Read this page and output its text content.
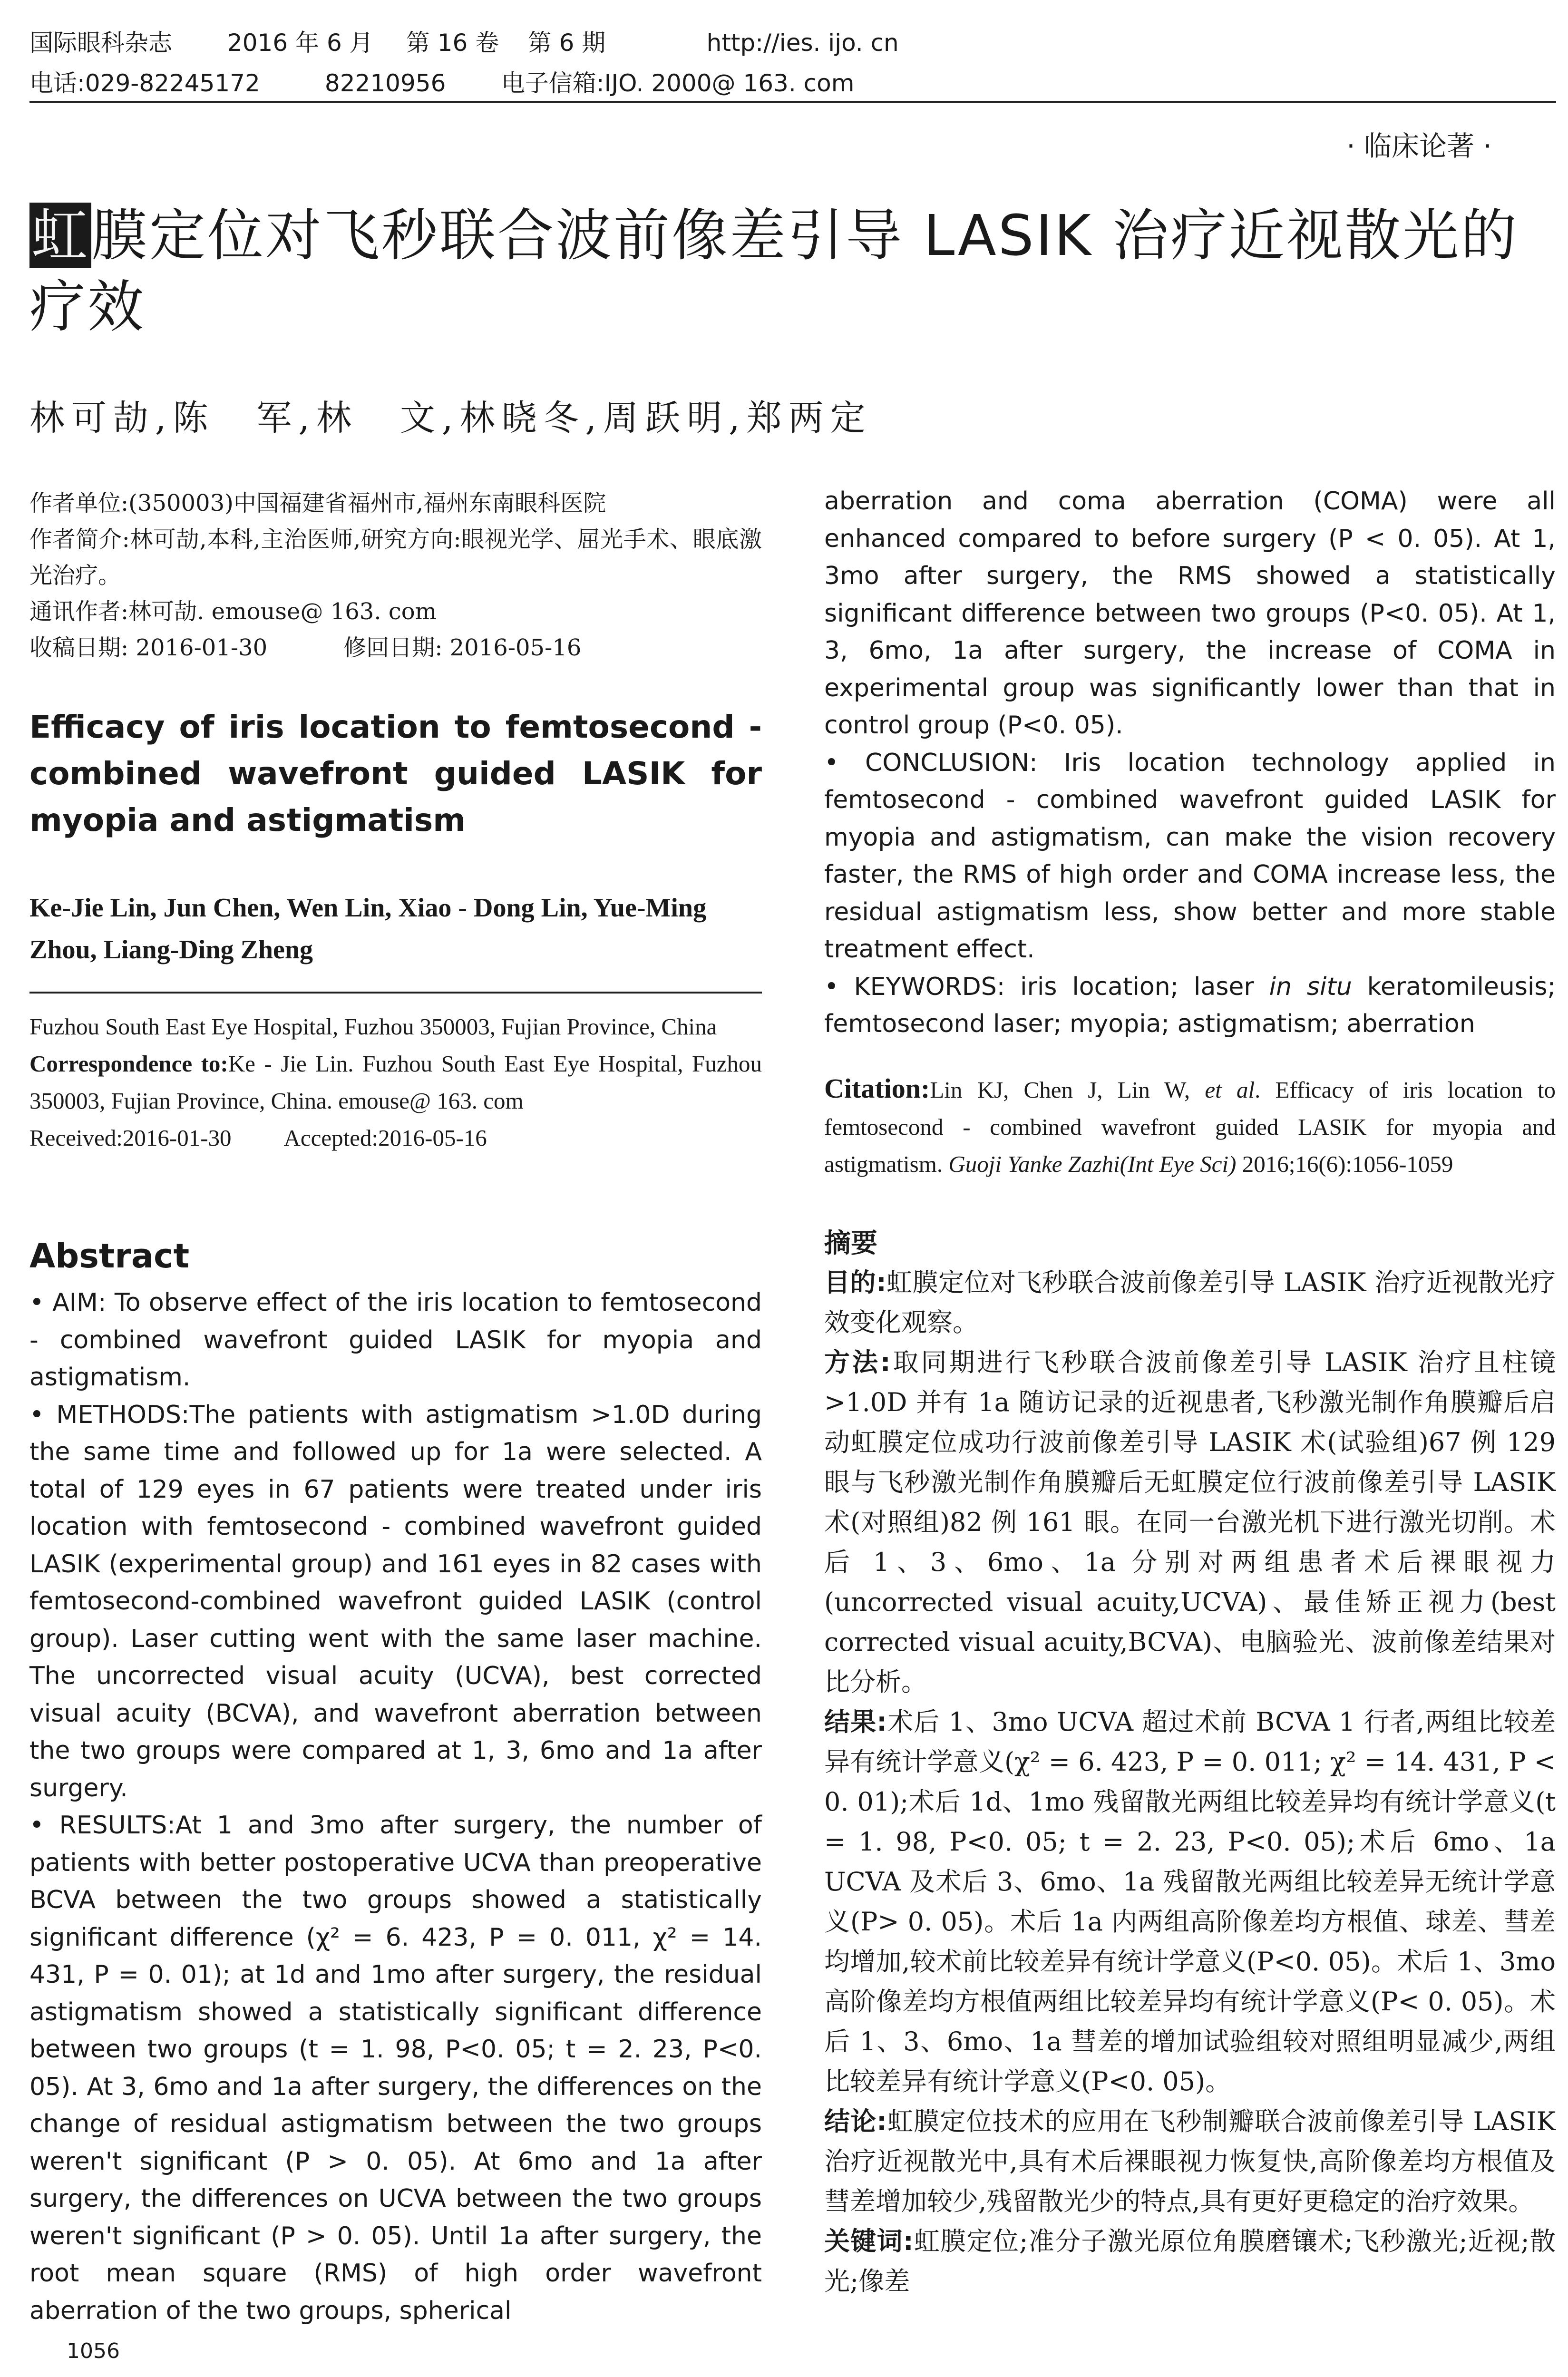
国际眼科杂志 2016 年 6 月 第 16 卷 第 6 期	http://ies. ijo. cn
电话:029-82245172	82210956 电子信箱:IJO. 2000@ 163. com
· 临床论著 ·
虹膜定位对飞秒联合波前像差引导 LASIK 治疗近视散光的疗效
林可劼,陈　军,林　文,林晓冬,周跃明,郑两定
作者单位:(350003)中国福建省福州市,福州东南眼科医院
作者简介:林可劼,本科,主治医师,研究方向:眼视光学、屈光手术、眼底激光治疗。
通讯作者:林可劼. emouse@ 163. com
收稿日期: 2016-01-30	修回日期: 2016-05-16
Efficacy of iris location to femtosecond - combined wavefront guided LASIK for myopia and astigmatism
Ke-Jie Lin, Jun Chen, Wen Lin, Xiao - Dong Lin, Yue-Ming Zhou, Liang-Ding Zheng
Fuzhou South East Eye Hospital, Fuzhou 350003, Fujian Province, China
Correspondence to:Ke - Jie Lin. Fuzhou South East Eye Hospital, Fuzhou 350003, Fujian Province, China. emouse@ 163. com
Received:2016-01-30 Accepted:2016-05-16
Abstract

• AIM: To observe effect of the iris location to femtosecond - combined wavefront guided LASIK for myopia and astigmatism.

• METHODS:The patients with astigmatism >1.0D during the same time and followed up for 1a were selected. A total of 129 eyes in 67 patients were treated under iris location with femtosecond - combined wavefront guided LASIK (experimental group) and 161 eyes in 82 cases with femtosecond-combined wavefront guided LASIK (control group). Laser cutting went with the same laser machine. The uncorrected visual acuity (UCVA), best corrected visual acuity (BCVA), and wavefront aberration between the two groups were compared at 1, 3, 6mo and 1a after surgery.

• RESULTS:At 1 and 3mo after surgery, the number of patients with better postoperative UCVA than preoperative BCVA between the two groups showed a statistically significant difference (χ² = 6. 423, P = 0. 011, χ² = 14. 431, P = 0. 01); at 1d and 1mo after surgery, the residual astigmatism showed a statistically significant difference between two groups (t = 1. 98, P<0. 05; t = 2. 23, P<0. 05). At 3, 6mo and 1a after surgery, the differences on the change of residual astigmatism between the two groups weren't significant (P > 0. 05). At 6mo and 1a after surgery, the differences on UCVA between the two groups weren't significant (P > 0. 05). Until 1a after surgery, the root mean square (RMS) of high order wavefront aberration of the two groups, spherical

1056

aberration and coma aberration (COMA) were all enhanced compared to before surgery (P < 0. 05). At 1, 3mo after surgery, the RMS showed a statistically significant difference between two groups (P<0. 05). At 1, 3, 6mo, 1a after surgery, the increase of COMA in experimental group was significantly lower than that in control group (P<0. 05).

• CONCLUSION: Iris location technology applied in femtosecond - combined wavefront guided LASIK for myopia and astigmatism, can make the vision recovery faster, the RMS of high order and COMA increase less, the residual astigmatism less, show better and more stable treatment effect.

• KEYWORDS: iris location; laser in situ keratomileusis; femtosecond laser; myopia; astigmatism; aberration

Citation:Lin KJ, Chen J, Lin W, et al. Efficacy of iris location to femtosecond - combined wavefront guided LASIK for myopia and astigmatism. Guoji Yanke Zazhi(Int Eye Sci) 2016;16(6):1056-1059
摘要

目的:虹膜定位对飞秒联合波前像差引导 LASIK 治疗近视散光疗效变化观察。

方法:取同期进行飞秒联合波前像差引导 LASIK 治疗且柱镜>1.0D 并有 1a 随访记录的近视患者,飞秒激光制作角膜瓣后启动虹膜定位成功行波前像差引导 LASIK 术(试验组)67 例 129 眼与飞秒激光制作角膜瓣后无虹膜定位行波前像差引导 LASIK 术(对照组)82 例 161 眼。在同一台激光机下进行激光切削。术后 1、3、6mo、1a 分别对两组患者术后裸眼视力(uncorrected visual acuity,UCVA)、最佳矫正视力(best corrected visual acuity,BCVA)、电脑验光、波前像差结果对比分析。

结果:术后 1、3mo UCVA 超过术前 BCVA 1 行者,两组比较差异有统计学意义(χ² = 6. 423, P = 0. 011; χ² = 14. 431, P < 0. 01);术后 1d、1mo 残留散光两组比较差异均有统计学意义(t = 1. 98, P<0. 05; t = 2. 23, P<0. 05);术后 6mo、1a UCVA 及术后 3、6mo、1a 残留散光两组比较差异无统计学意义(P> 0. 05)。术后 1a 内两组高阶像差均方根值、球差、彗差均增加,较术前比较差异有统计学意义(P<0. 05)。术后 1、3mo 高阶像差均方根值两组比较差异均有统计学意义(P< 0. 05)。术后 1、3、6mo、1a 彗差的增加试验组较对照组明显减少,两组比较差异有统计学意义(P<0. 05)。

结论:虹膜定位技术的应用在飞秒制瓣联合波前像差引导 LASIK 治疗近视散光中,具有术后裸眼视力恢复快,高阶像差均方根值及彗差增加较少,残留散光少的特点,具有更好更稳定的治疗效果。

关键词:虹膜定位;准分子激光原位角膜磨镶术;飞秒激光;近视;散光;像差
